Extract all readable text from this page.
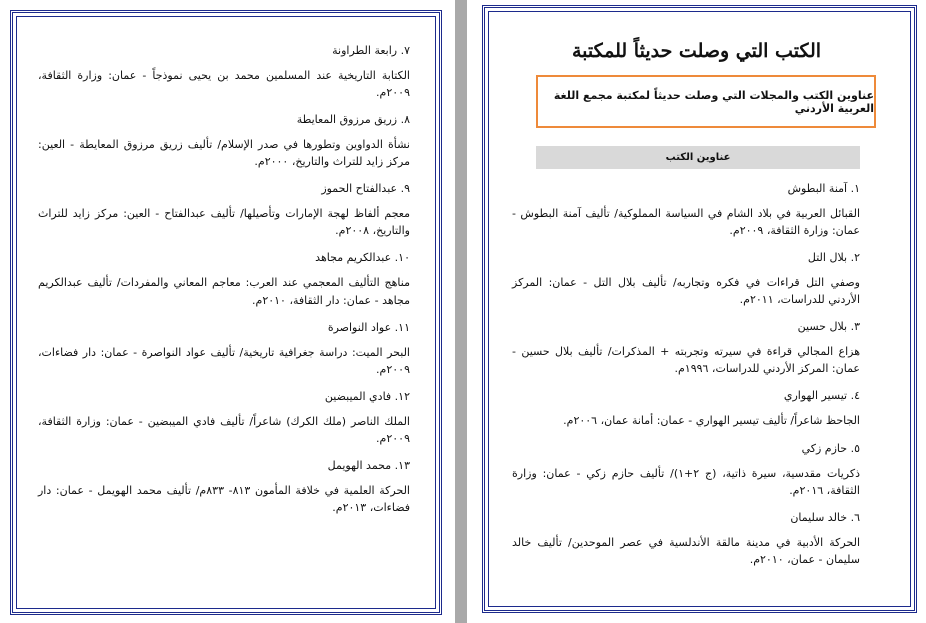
الكتب التي وصلت حديثاً للمكتبة
عناوين الكتب والمجلات التي وصلت حديثاً لمكتبة مجمع اللغة العربية الأردني
عناوين الكتب
١. آمنة البطوش
القبائل العربية في بلاد الشام في السياسة المملوكية/ تأليف آمنة البطوش - عمان: وزارة الثقافة، ٢٠٠٩م.
٢. بلال التل
وصفي التل قراءات في فكره وتجاربه/ تأليف بلال التل - عمان: المركز الأردني للدراسات، ٢٠١١م.
٣. بلال حسين
هزاع المجالي قراءة في سيرته وتجربته + المذكرات/ تأليف بلال حسين - عمان: المركز الأردني للدراسات، ١٩٩٦م.
٤. تيسير الهواري
الجاحظ شاعراً/ تأليف تيسير الهواري - عمان: أمانة عمان، ٢٠٠٦م.
٥. حازم زكي
ذكريات مقدسية، سيرة ذاتية، (ج ٢+١)/ تأليف حازم زكي - عمان: وزارة الثقافة، ٢٠١٦م.
٦. خالد سليمان
الحركة الأدبية في مدينة مالقة الأندلسية في عصر الموحدين/ تأليف خالد سليمان - عمان، ٢٠١٠م.
٧. رابعة الطراونة
الكتابة التاريخية عند المسلمين محمد بن يحيى نموذجاً - عمان: وزارة الثقافة، ٢٠٠٩م.
٨. زريق مرزوق المعايطة
نشأة الدواوين وتطورها في صدر الإسلام/ تأليف زريق مرزوق المعايطة - العين: مركز زايد للتراث والتاريخ، ٢٠٠٠م.
٩. عبدالفتاح الحموز
معجم ألفاظ لهجة الإمارات وتأصيلها/ تأليف عبدالفتاح - العين: مركز زايد للتراث والتاريخ، ٢٠٠٨م.
١٠. عبدالكريم مجاهد
مناهج التأليف المعجمي عند العرب: معاجم المعاني والمفردات/ تأليف عبدالكريم مجاهد - عمان: دار الثقافة، ٢٠١٠م.
١١. عواد النواصرة
البحر الميت: دراسة جغرافية تاريخية/ تأليف عواد النواصرة - عمان: دار فضاءات، ٢٠٠٩م.
١٢. فادي الميبضين
الملك الناصر (ملك الكرك) شاعراً/ تأليف فادي الميبضين - عمان: وزارة الثقافة، ٢٠٠٩م.
١٣. محمد الهويمل
الحركة العلمية في خلافة المأمون ٨١٣- ٨٣٣م/ تأليف محمد الهويمل - عمان: دار فضاءات، ٢٠١٣م.
